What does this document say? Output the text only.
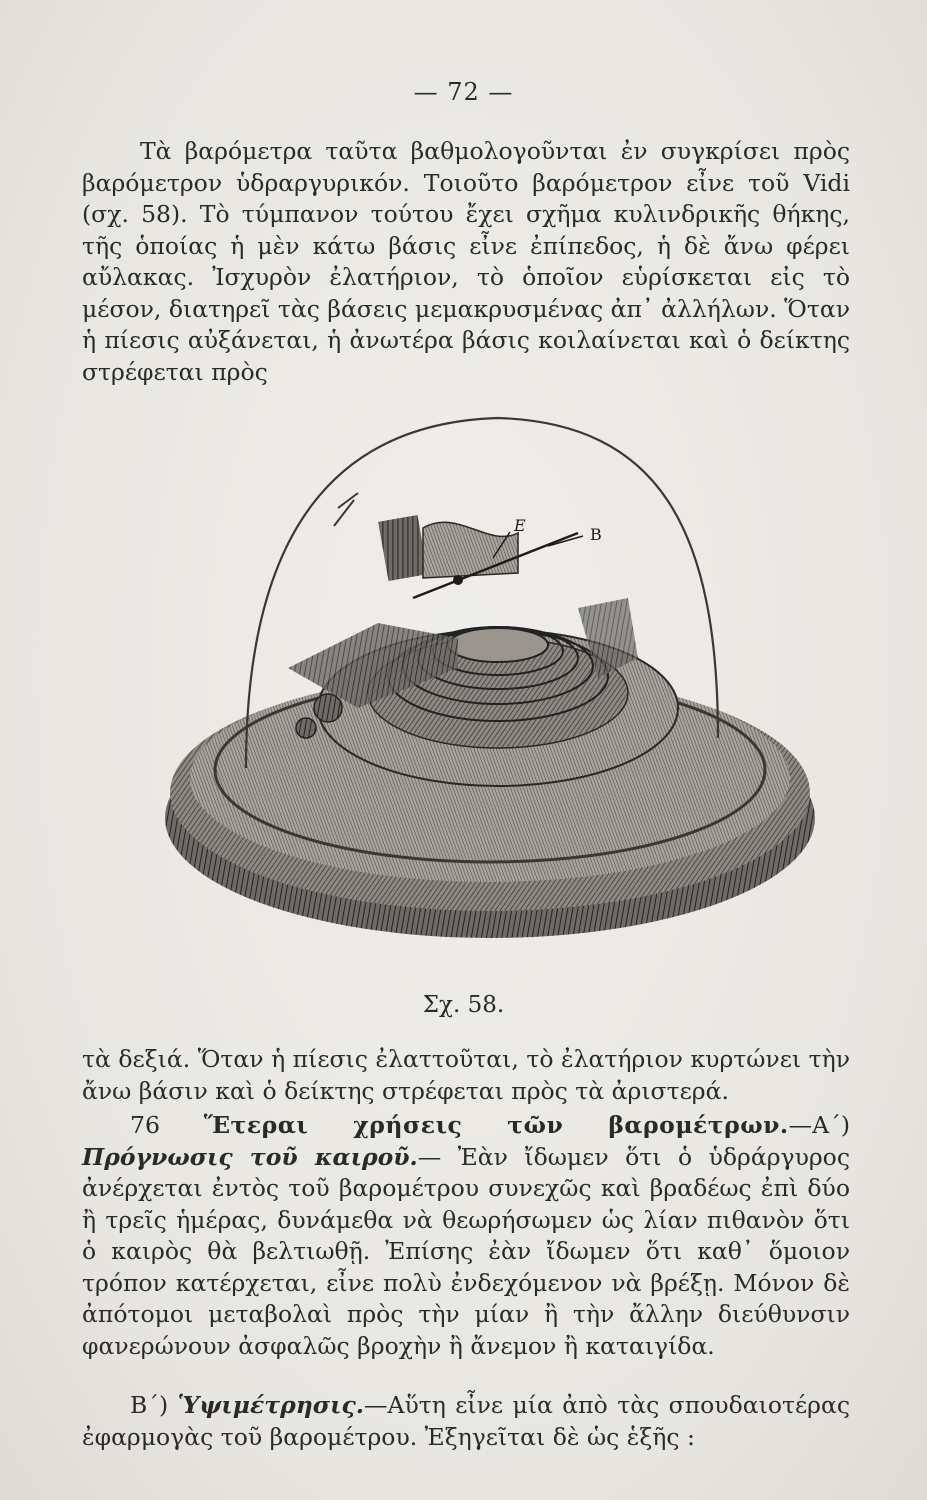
— 72 —
Τὰ βαρόμετρα ταῦτα βαθμολογοῦνται ἐν συγκρίσει πρὸς βαρόμετρον ὑδραργυρικόν. Τοιοῦτο βαρόμετρον εἶνε τοῦ Vidi (σχ. 58). Τὸ τύμπανον τούτου ἔχει σχῆμα κυλινδρικῆς θήκης, τῆς ὁποίας ἡ μὲν κάτω βάσις εἶνε ἐπίπεδος, ἡ δὲ ἄνω φέρει αὔλακας. Ἰσχυρὸν ἐλατήριον, τὸ ὁποῖον εὑρίσκεται εἰς τὸ μέσον, διατηρεῖ τὰς βάσεις μεμακρυσμένας ἀπ᾿ ἀλλήλων. Ὅταν ἡ πίεσις αὐξάνεται, ἡ ἀνωτέρα βάσις κοιλαίνεται καὶ ὁ δείκτης στρέφεται πρὸς
Ε	Β
Σχ. 58.
τὰ δεξιά. Ὅταν ἡ πίεσις ἐλαττοῦται, τὸ ἐλατήριον κυρτώνει τὴν ἄνω βάσιν καὶ ὁ δείκτης στρέφεται πρὸς τὰ ἀριστερά.
76 Ἕτεραι χρήσεις τῶν βαρομέτρων.—Α΄) Πρόγνωσις τοῦ καιροῦ.— Ἐὰν ἴδωμεν ὅτι ὁ ὑδράργυρος ἀνέρχεται ἐντὸς τοῦ βαρομέτρου συνεχῶς καὶ βραδέως ἐπὶ δύο ἢ τρεῖς ἡμέρας, δυνάμεθα νὰ θεωρήσωμεν ὡς λίαν πιθανὸν ὅτι ὁ καιρὸς θὰ βελτιωθῇ. Ἐπίσης ἐὰν ἴδωμεν ὅτι καθ᾿ ὅμοιον τρόπον κατέρχεται, εἶνε πολὺ ἐνδεχόμενον νὰ βρέξῃ. Μόνον δὲ ἀπότομοι μεταβολαὶ πρὸς τὴν μίαν ἢ τὴν ἄλλην διεύθυνσιν φανερώνουν ἀσφαλῶς βροχὴν ἢ ἄνεμον ἢ καταιγίδα.
Β΄) Ὑψιμέτρησις.—Αὕτη εἶνε μία ἀπὸ τὰς σπουδαιοτέρας ἐφαρμογὰς τοῦ βαρομέτρου. Ἐξηγεῖται δὲ ὡς ἑξῆς :
